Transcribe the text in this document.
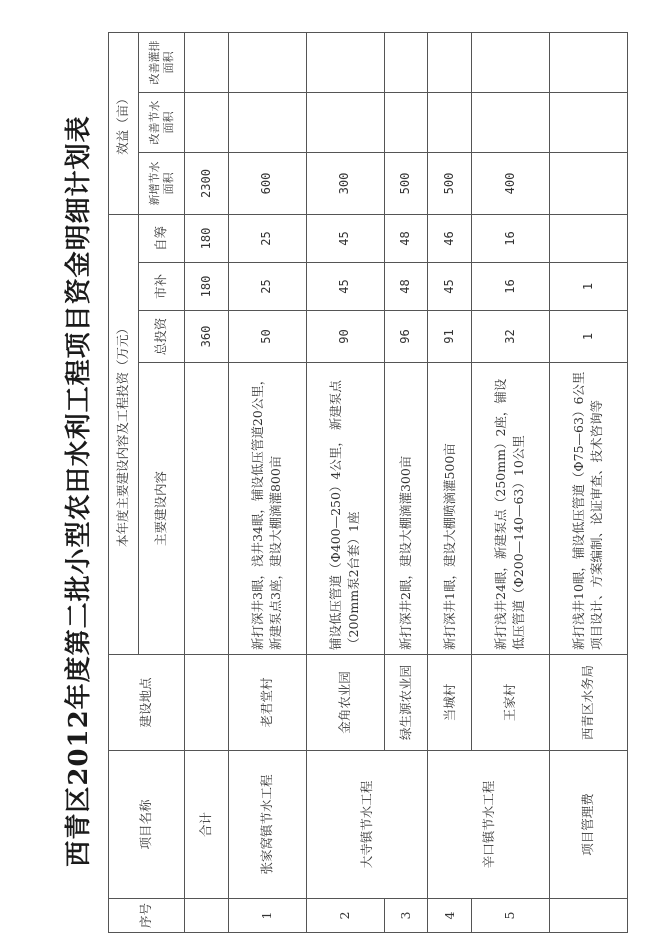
西青区2012年度第二批小型农田水利工程项目资金明细计划表
序号	项目名称	建设地点	本年度主要建设内容及工程投资（万元）				效益（亩）		
			主要建设内容	总投资	市补	自筹	新增节水面积	改善节水面积	改善灌排面积

	合计			360	180	180	2300		
1	张家窝镇节水工程	老君堂村	新打深井3眼，浅井34眼，铺设低压管道20公里，新建泵点3座，建设大棚滴灌800亩	50	25	25	600		
2	大寺镇节水工程	金角农业园	铺设低压管道（Φ400—250）4公里， 新建泵点（200mm泵2台套）1座	90	45	45	300		
3		绿生源农业园	新打深井2眼，建设大棚滴灌300亩	96	48	48	500		
4	辛口镇节水工程	当城村	新打深井1眼，建设大棚喷滴灌500亩	91	45	46	500		
5		王家村	新打浅井24眼，新建泵点（250mm）2座，铺设低压管道（Φ200—140—63）10公里	32	16	16	400		
	项目管理费	西青区水务局	新打浅井10眼，铺设低压管道（Φ75—63）6公里 项目设计、方案编制、论证审查、技术咨询等	1	1				
